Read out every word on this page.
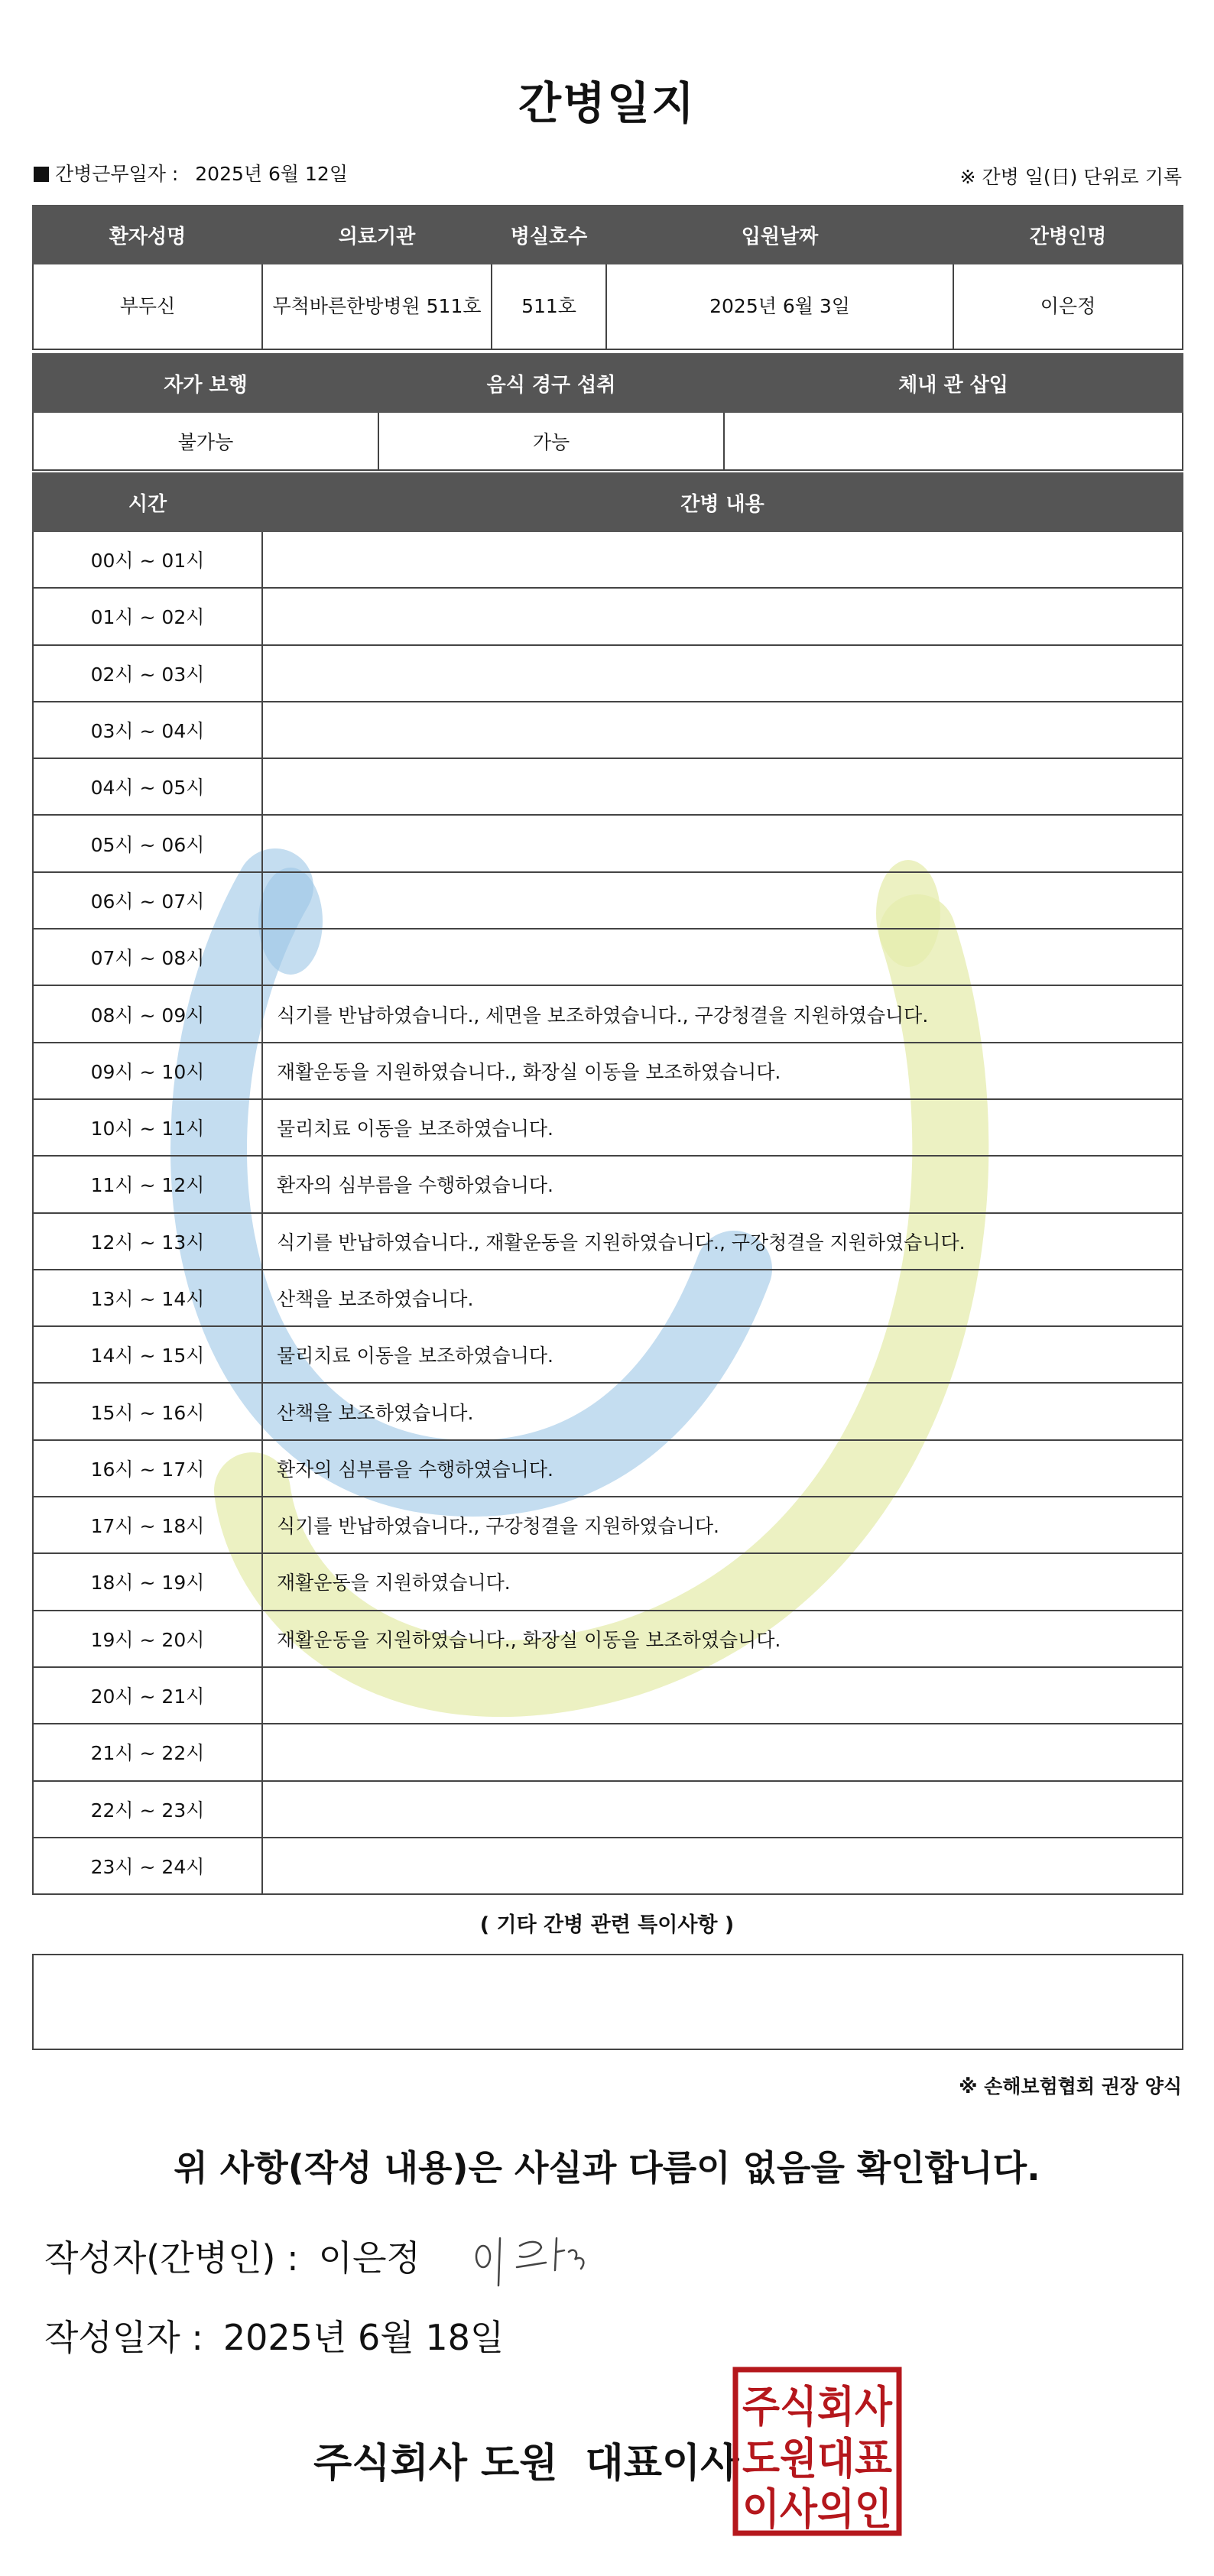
간병일지
간병근무일자 : 2025년 6월 12일	※ 간병 일(日) 단위로 기록
환자성명	의료기관	병실호수	입원날짜	간병인명
부두신	무척바른한방병원 511호	511호	2025년 6월 3일	이은정
자가 보행	음식 경구 섭취	체내 관 삽입
불가능	가능	
시간	간병 내용
00시 ~ 01시	
01시 ~ 02시	
02시 ~ 03시	
03시 ~ 04시	
04시 ~ 05시	
05시 ~ 06시	
06시 ~ 07시	
07시 ~ 08시	
08시 ~ 09시	식기를 반납하였습니다., 세면을 보조하였습니다., 구강청결을 지원하였습니다.
09시 ~ 10시	재활운동을 지원하였습니다., 화장실 이동을 보조하였습니다.
10시 ~ 11시	물리치료 이동을 보조하였습니다.
11시 ~ 12시	환자의 심부름을 수행하였습니다.
12시 ~ 13시	식기를 반납하였습니다., 재활운동을 지원하였습니다., 구강청결을 지원하였습니다.
13시 ~ 14시	산책을 보조하였습니다.
14시 ~ 15시	물리치료 이동을 보조하였습니다.
15시 ~ 16시	산책을 보조하였습니다.
16시 ~ 17시	환자의 심부름을 수행하였습니다.
17시 ~ 18시	식기를 반납하였습니다., 구강청결을 지원하였습니다.
18시 ~ 19시	재활운동을 지원하였습니다.
19시 ~ 20시	재활운동을 지원하였습니다., 화장실 이동을 보조하였습니다.
20시 ~ 21시	
21시 ~ 22시	
22시 ~ 23시	
23시 ~ 24시	
( 기타 간병 관련 특이사항 )
※ 손해보험협회 권장 양식
위 사항(작성 내용)은 사실과 다름이 없음을 확인합니다.
작성자(간병인) : 이은정
작성일자 : 2025년 6월 18일
주식회사 도원 대표이사
주식회사
도원대표
이사의인
